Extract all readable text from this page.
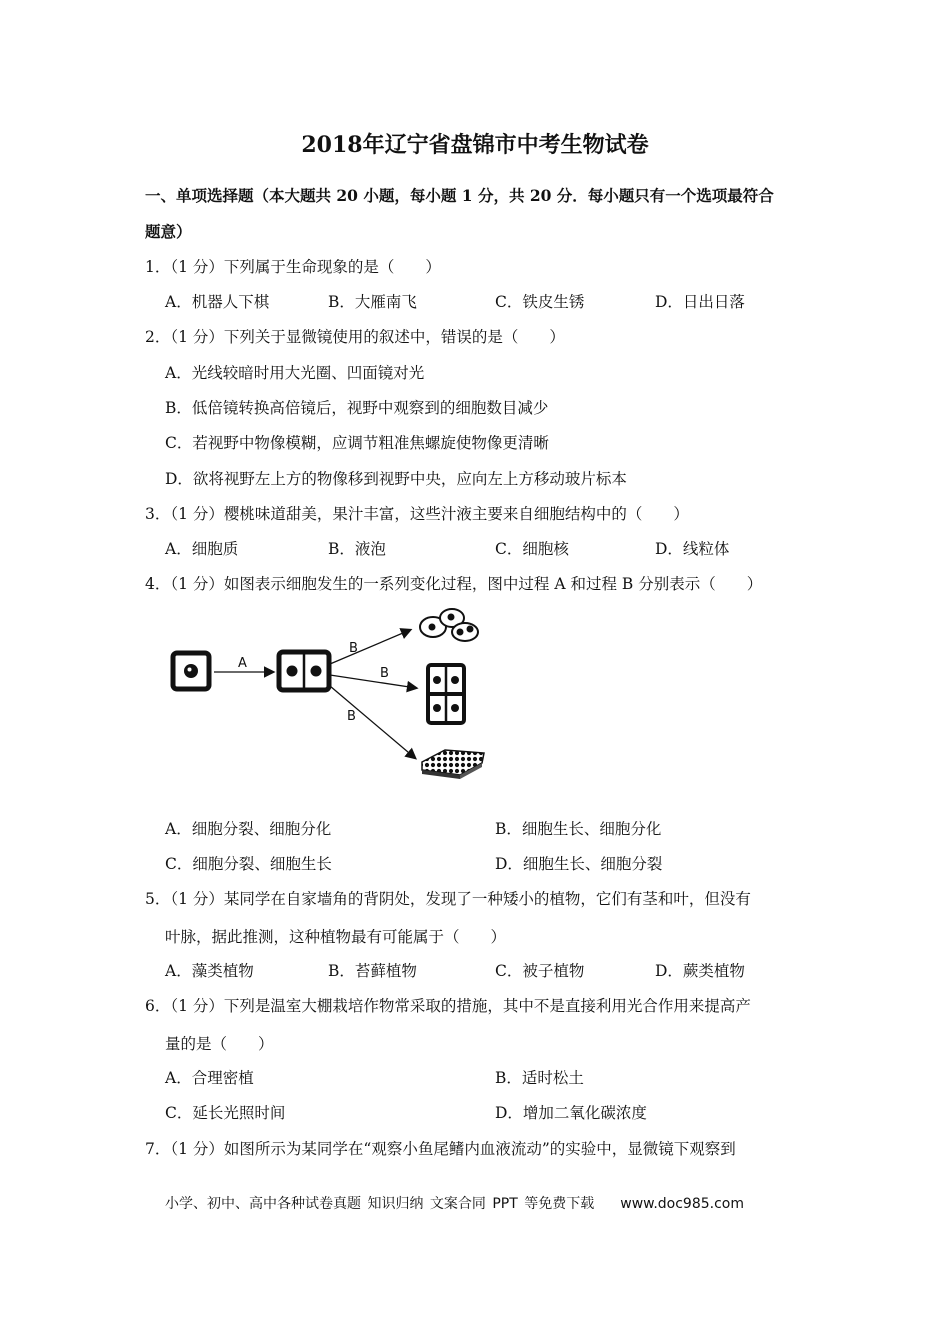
2018年辽宁省盘锦市中考生物试卷
一、单项选择题（本大题共 20 小题，每小题 1 分，共 20 分．每小题只有一个选项最符合
题意）
1．（1 分）下列属于生命现象的是（　　）
A．机器人下棋	B．大雁南飞	C．铁皮生锈	D．日出日落
2．（1 分）下列关于显微镜使用的叙述中，错误的是（　　）
A．光线较暗时用大光圈、凹面镜对光
B．低倍镜转换高倍镜后，视野中观察到的细胞数目减少
C．若视野中物像模糊，应调节粗准焦螺旋使物像更清晰
D．欲将视野左上方的物像移到视野中央，应向左上方移动玻片标本
3．（1 分）樱桃味道甜美，果汁丰富，这些汁液主要来自细胞结构中的（　　）
A．细胞质	B．液泡	C．细胞核	D．线粒体
4．（1 分）如图表示细胞发生的一系列变化过程，图中过程 A 和过程 B 分别表示（　　）
A
B
B
B
A．细胞分裂、细胞分化	B．细胞生长、细胞分化
C．细胞分裂、细胞生长	D．细胞生长、细胞分裂
5．（1 分）某同学在自家墙角的背阴处，发现了一种矮小的植物，它们有茎和叶，但没有
叶脉，据此推测，这种植物最有可能属于（　　）
A．藻类植物	B．苔藓植物	C．被子植物	D．蕨类植物
6．（1 分）下列是温室大棚栽培作物常采取的措施，其中不是直接利用光合作用来提高产
量的是（　　）
A．合理密植	B．适时松土
C．延长光照时间	D．增加二氧化碳浓度
7．（1 分）如图所示为某同学在“观察小鱼尾鳍内血液流动”的实验中，显微镜下观察到
小学、初中、高中各种试卷真题 知识归纳 文案合同 PPT 等免费下载 www.doc985.com
